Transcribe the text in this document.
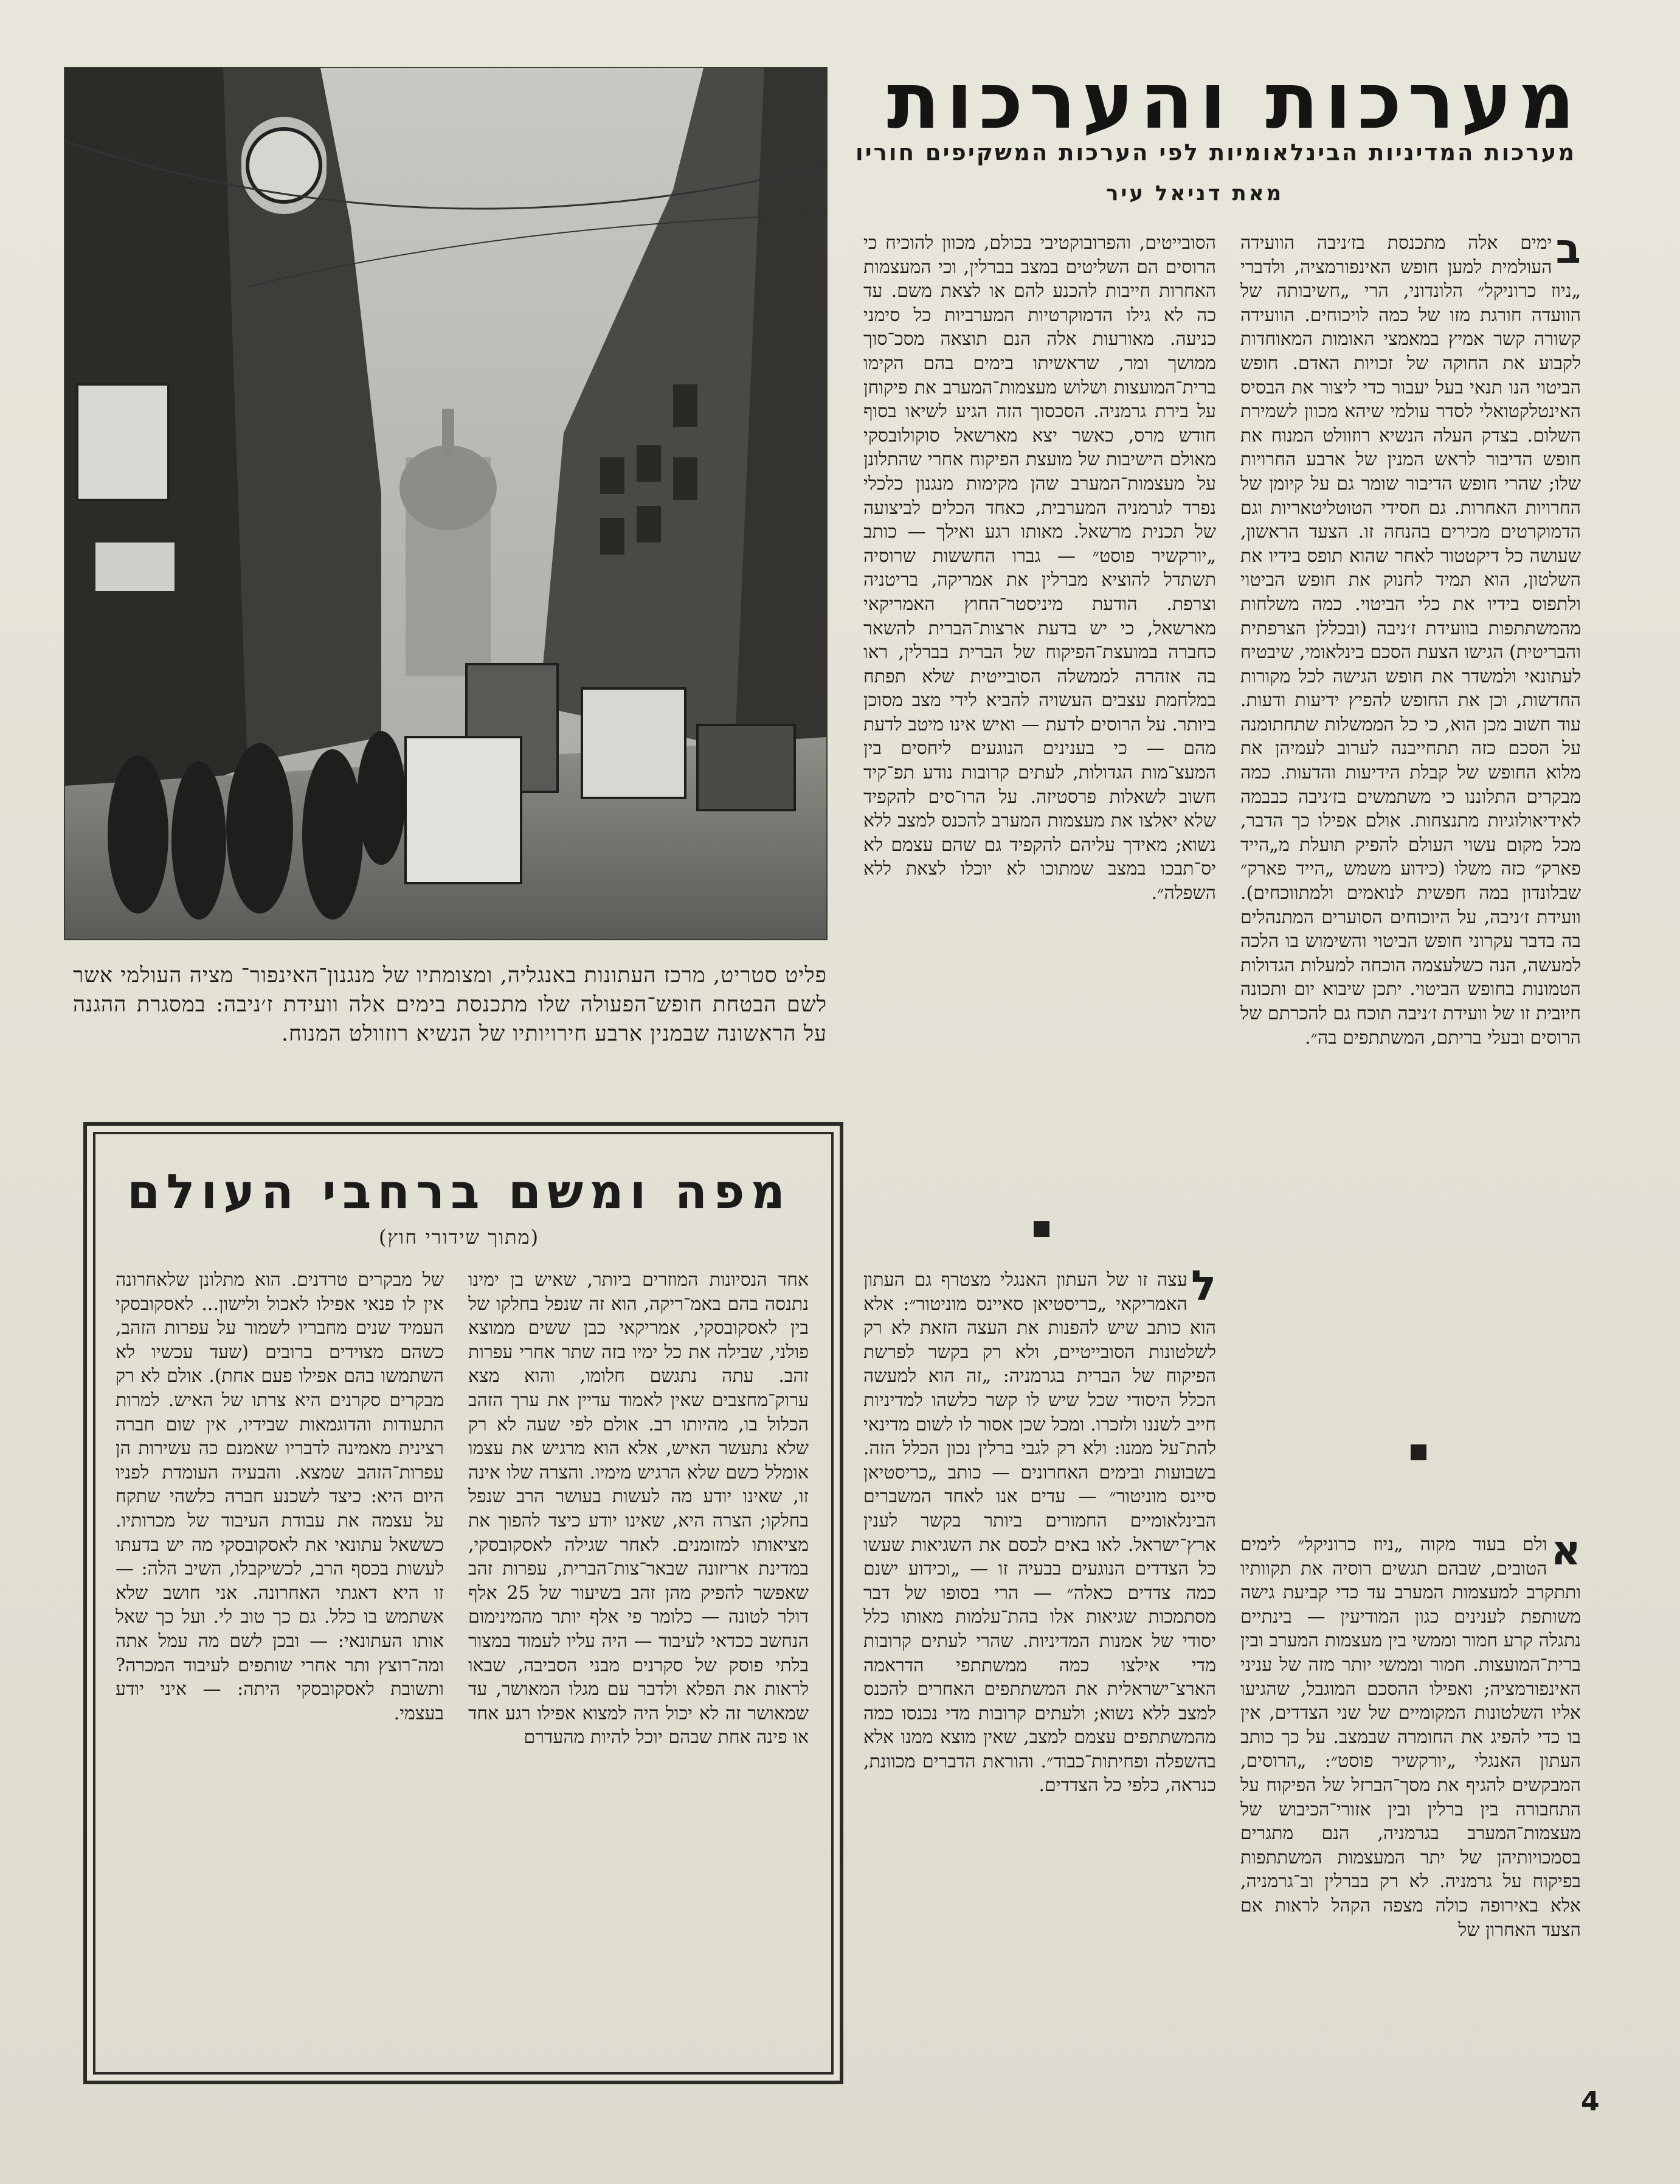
מערכות והערכות
מערכות המדיניות הבינלאומיות לפי הערכות המשקיפים חוריו
מאת דניאל עיר
פליט סטריט, מרכז העתונות באנגליה, ומצומתיו של מנגנון־האינפור־ מציה העולמי אשר לשם הבטחת חופש־הפעולה שלו מתכנסת בימים אלה וועידת ז׳ניבה: במסגרת ההגנה על הראשונה שבמנין ארבע חירויותיו של הנשיא רוזוולט המנוח.

ב
ימים אלה מתכנסת בז׳ניבה הוועידה העולמית למען חופש האינפורמציה, ולדברי „ניוז כרוניקל״ הלונדוני, הרי „חשיבותה של הוועדה חורגת מזו של כמה לויכוחים. הוועידה קשורה קשר אמיץ במאמצי האומות המאוחדות לקבוע את החוקה של זכויות האדם. חופש הביטוי הנו תנאי בעל יעבור כדי ליצור את הבסיס האינטלקטואלי לסדר עולמי שיהא מכוון לשמירת השלום. בצדק העלה הנשיא רוזוולט המנוח את חופש הדיבור לראש המנין של ארבע החרויות שלו; שהרי חופש הדיבור שומר גם על קיומן של החרויות האחרות. גם חסידי הטוטליטאריות וגם הדמוקרטים מכירים בהנחה זו. הצעד הראשון, שעושה כל דיקטטור לאחר שהוא תופס בידיו את השלטון, הוא תמיד לחנוק את חופש הביטוי ולתפוס בידיו את כלי הביטוי. כמה משלחות מהמשתתפות בוועידת ז׳ניבה (ובכללן הצרפתית והבריטית) הגישו הצעת הסכם בינלאומי, שיבטיח לעתונאי ולמשדר את חופש הגישה לכל מקורות החדשות, וכן את החופש להפיץ ידיעות ודעות. עוד חשוב מכן הוא, כי כל הממשלות שתחתומנה על הסכם כזה תתחייבנה לערוב לעמיהן את מלוא החופש של קבלת הידיעות והדעות. כמה מבקרים התלוננו כי משתמשים בז׳ניבה כבבמה לאידיאולוגיות מתנצחות. אולם אפילו כך הדבר, מכל מקום עשוי העולם להפיק תועלת מ„הייד פארק״ כזה משלו (כידוע משמש „הייד פארק״ שבלונדון במה חפשית לנואמים ולמתווכחים). וועידת ז׳ניבה, על היוכוחים הסוערים המתנהלים בה בדבר עקרוני חופש הביטוי והשימוש בו הלכה למעשה, הנה כשלעצמה הוכחה למעלות הגדולות הטמונות בחופש הביטוי. יתכן שיבוא יום ותכונה חיובית זו של וועידת ז׳ניבה תוכח גם להכרתם של הרוסים ובעלי בריתם, המשתתפים בה״.

א
ולם בעוד מקוה „ניוז כרוניקל״ לימים הטובים, שבהם תגשים רוסיה את תקוותיו ותתקרב למעצמות המערב עד כדי קביעת גישה משותפת לענינים כגון המודיעין — בינתיים נתגלה קרע חמור וממשי בין מעצמות המערב ובין ברית־המועצות. חמור וממשי יותר מזה של עניני האינפורמציה; ואפילו ההסכם המוגבל, שהגיעו אליו השלטונות המקומיים של שני הצדדים, אין בו כדי להפיג את החומרה שבמצב. על כך כותב העתון האנגלי „יורקשיר פוסט״: „הרוסים, המבקשים להגיף את מסך־הברזל של הפיקוח על התחבורה בין ברלין ובין אזורי־הכיבוש של מעצמות־המערב בגרמניה, הנם מתגרים בסמכויותיהן של יתר המעצמות המשתתפות בפיקוח על גרמניה. לא רק בברלין וב־גרמניה, אלא באירופה כולה מצפה הקהל לראות אם הצעד האחרון של

הסובייטים, והפרובוקטיבי בכולם, מכוון להוכיח כי הרוסים הם השליטים במצב בברלין, וכי המעצמות האחרות חייבות להכנע להם או לצאת משם. עד כה לא גילו הדמוקרטיות המערביות כל סימני כניעה. מאורעות אלה הנם תוצאה מסכ־סוך ממושך ומר, שראשיתו בימים בהם הקימו ברית־המועצות ושלוש מעצמות־המערב את פיקוחן על בירת גרמניה. הסכסוך הזה הגיע לשיאו בסוף חודש מרס, כאשר יצא מארשאל סוקולובסקי מאולם הישיבות של מועצת הפיקוח אחרי שהתלונן על מעצמות־המערב שהן מקימות מנגנון כלכלי נפרד לגרמניה המערבית, כאחד הכלים לביצועה של תכנית מרשאל. מאותו רגע ואילך — כותב „יורקשיר פוסט״ — גברו החששות שרוסיה תשתדל להוציא מברלין את אמריקה, בריטניה וצרפת. הודעת מיניסטר־החוץ האמריקאי מארשאל, כי יש בדעת ארצות־הברית להשאר כחברה במועצת־הפיקוח של הברית בברלין, ראו בה אזהרה לממשלה הסובייטית שלא תפתח במלחמת עצבים העשויה להביא לידי מצב מסוכן ביותר. על הרוסים לדעת — ואיש אינו מיטב לדעת מהם — כי בענינים הנוגעים ליחסים בין המעצ־מות הגדולות, לעתים קרובות נודע תפ־קיד חשוב לשאלות פרסטיזה. על הרו־סים להקפיד שלא יאלצו את מעצמות המערב להכנס למצב ללא נשוא; מאידך עליהם להקפיד גם שהם עצמם לא יס־תבכו במצב שמתוכו לא יוכלו לצאת ללא השפלה״.

ל
עצה זו של העתון האנגלי מצטרף גם העתון האמריקאי „כריסטיאן סאיינס מוניטור״: אלא הוא כותב שיש להפנות את העצה הזאת לא רק לשלטונות הסובייטיים, ולא רק בקשר לפרשת הפיקוח של הברית בגרמניה: „זה הוא למעשה הכלל היסודי שכל שיש לו קשר כלשהו למדיניות חייב לשננו ולזכרו. ומכל שכן אסור לו לשום מדינאי להת־על ממנו: ולא רק לגבי ברלין נכון הכלל הזה. בשבועות ובימים האחרונים — כותב „כריסטיאן סיינס מוניטור״ — עדים אנו לאחד המשברים הבינלאומיים החמורים ביותר בקשר לענין ארץ־ישראל. לאו באים לכסם את השגיאות שעשו כל הצדדים הנוגעים בבעיה זו — „וכידוע ישנם כמה צדדים כאלה״ — הרי בסופו של דבר מסתמכות שגיאות אלו בהת־עלמות מאותו כלל יסודי של אמנות המדיניות. שהרי לעתים קרובות מדי אילצו כמה ממשתתפי הדראמה הארצ־ישראלית את המשתתפים האחרים להכנס למצב ללא נשוא; ולעתים קרובות מדי נכנסו כמה מהמשתתפים עצמם למצב, שאין מוצא ממנו אלא בהשפלה ופחיתות־כבוד״. והוראת הדברים מכוונת, כנראה, כלפי כל הצדדים.

מפה ומשם ברחבי העולם
(מתוך שידורי חוץ)

אחד הנסיונות המוזרים ביותר, שאיש בן ימינו נתנסה בהם באמ־ריקה, הוא זה שנפל בחלקו של בין לאסקובסקי, אמריקאי כבן ששים ממוצא פולני, שבילה את כל ימיו בזה שתר אחרי עפרות זהב. עתה נתגשם חלומו, והוא מצא ערוק־מחצבים שאין לאמוד עדיין את ערך הזהב הכלול בו, מהיותו רב. אולם לפי שעה לא רק שלא נתעשר האיש, אלא הוא מרגיש את עצמו אומלל כשם שלא הרגיש מימיו. והצרה שלו אינה זו, שאינו יודע מה לעשות בעושר הרב שנפל בחלקו; הצרה היא, שאינו יודע כיצד להפוך את מציאותו למזומנים. לאחר שגילה לאסקובסקי, במדינת אריזונה שבאר־צות־הברית, עפרות זהב שאפשר להפיק מהן זהב בשיעור של 25 אלף דולר לטונה — כלומר פי אלף יותר מהמינימום הנחשב ככדאי לעיבוד — היה עליו לעמוד במצור בלתי פוסק של סקרנים מבני הסביבה, שבאו לראות את הפלא ולדבר עם מגלו המאושר, עד שמאושר זה לא יכול היה למצוא אפילו רגע אחד או פינה אחת שבהם יוכל להיות מהעדרם

של מבקרים טרדנים. הוא מתלונן שלאחרונה אין לו פנאי אפילו לאכול ולישון... לאסקובסקי העמיד שנים מחבריו לשמור על עפרות הזהב, כשהם מצוידים ברובים (שעד עכשיו לא השתמשו בהם אפילו פעם אחת). אולם לא רק מבקרים סקרנים היא צרתו של האיש. למרות התעודות והדוגמאות שבידיו, אין שום חברה רצינית מאמינה לדבריו שאמנם כה עשירות הן עפרות־הזהב שמצא. והבעיה העומדת לפניו היום היא: כיצד לשכנע חברה כלשהי שתקח על עצמה את עבודת העיבוד של מכרותיו. כששאל עתונאי את לאסקובסקי מה יש בדעתו לעשות בכסף הרב, לכשיקבלו, השיב הלה: — זו היא דאגתי האחרונה. אני חושב שלא אשתמש בו כלל. גם כך טוב לי. ועל כך שאל אותו העתונאי: — ובכן לשם מה עמל אתה ומה־רוצץ ותר אחרי שותפים לעיבוד המכרה? ותשובת לאסקובסקי היתה: — איני יודע בעצמי.

4
